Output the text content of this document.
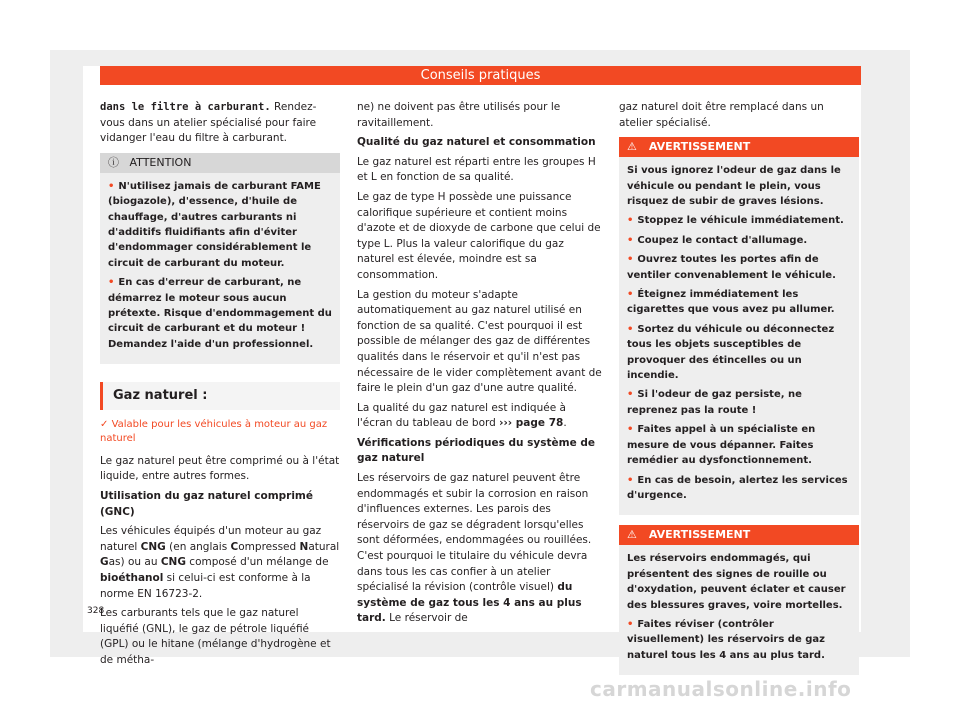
Conseils pratiques

dans le filtre à carburant. Rendez-vous dans un atelier spécialisé pour faire vidanger l'eau du filtre à carburant.

ⓘ ATTENTION

• N'utilisez jamais de carburant FAME (biogazole), d'essence, d'huile de chauffage, d'autres carburants ni d'additifs fluidifiants afin d'éviter d'endommager considérablement le circuit de carburant du moteur.

• En cas d'erreur de carburant, ne démarrez le moteur sous aucun prétexte. Risque d'endommagement du circuit de carburant et du moteur ! Demandez l'aide d'un professionnel.

Gaz naturel :
✓ Valable pour les véhicules à moteur au gaz naturel

Le gaz naturel peut être comprimé ou à l'état liquide, entre autres formes.

Utilisation du gaz naturel comprimé (GNC)

Les véhicules équipés d'un moteur au gaz naturel CNG (en anglais Compressed Natural Gas) ou au CNG composé d'un mélange de bioéthanol si celui-ci est conforme à la norme EN 16723-2.

Les carburants tels que le gaz naturel liquéfié (GNL), le gaz de pétrole liquéfié (GPL) ou le hitane (mélange d'hydrogène et de métha-

ne) ne doivent pas être utilisés pour le ravitaillement.

Qualité du gaz naturel et consommation

Le gaz naturel est réparti entre les groupes H et L en fonction de sa qualité.

Le gaz de type H possède une puissance calorifique supérieure et contient moins d'azote et de dioxyde de carbone que celui de type L. Plus la valeur calorifique du gaz naturel est élevée, moindre est sa consommation.

La gestion du moteur s'adapte automatiquement au gaz naturel utilisé en fonction de sa qualité. C'est pourquoi il est possible de mélanger des gaz de différentes qualités dans le réservoir et qu'il n'est pas nécessaire de le vider complètement avant de faire le plein d'un gaz d'une autre qualité.

La qualité du gaz naturel est indiquée à l'écran du tableau de bord ››› page 78.

Vérifications périodiques du système de gaz naturel

Les réservoirs de gaz naturel peuvent être endommagés et subir la corrosion en raison d'influences externes. Les parois des réservoirs de gaz se dégradent lorsqu'elles sont déformées, endommagées ou rouillées. C'est pourquoi le titulaire du véhicule devra dans tous les cas confier à un atelier spécialisé la révision (contrôle visuel) du système de gaz tous les 4 ans au plus tard. Le réservoir de

gaz naturel doit être remplacé dans un atelier spécialisé.

⚠ AVERTISSEMENT

Si vous ignorez l'odeur de gaz dans le véhicule ou pendant le plein, vous risquez de subir de graves lésions.

• Stoppez le véhicule immédiatement.

• Coupez le contact d'allumage.

• Ouvrez toutes les portes afin de ventiler convenablement le véhicule.

• Éteignez immédiatement les cigarettes que vous avez pu allumer.

• Sortez du véhicule ou déconnectez tous les objets susceptibles de provoquer des étincelles ou un incendie.

• Si l'odeur de gaz persiste, ne reprenez pas la route !

• Faites appel à un spécialiste en mesure de vous dépanner. Faites remédier au dysfonctionnement.

• En cas de besoin, alertez les services d'urgence.

⚠ AVERTISSEMENT

Les réservoirs endommagés, qui présentent des signes de rouille ou d'oxydation, peuvent éclater et causer des blessures graves, voire mortelles.

• Faites réviser (contrôler visuellement) les réservoirs de gaz naturel tous les 4 ans au plus tard.

328
carmanualsonline.info
